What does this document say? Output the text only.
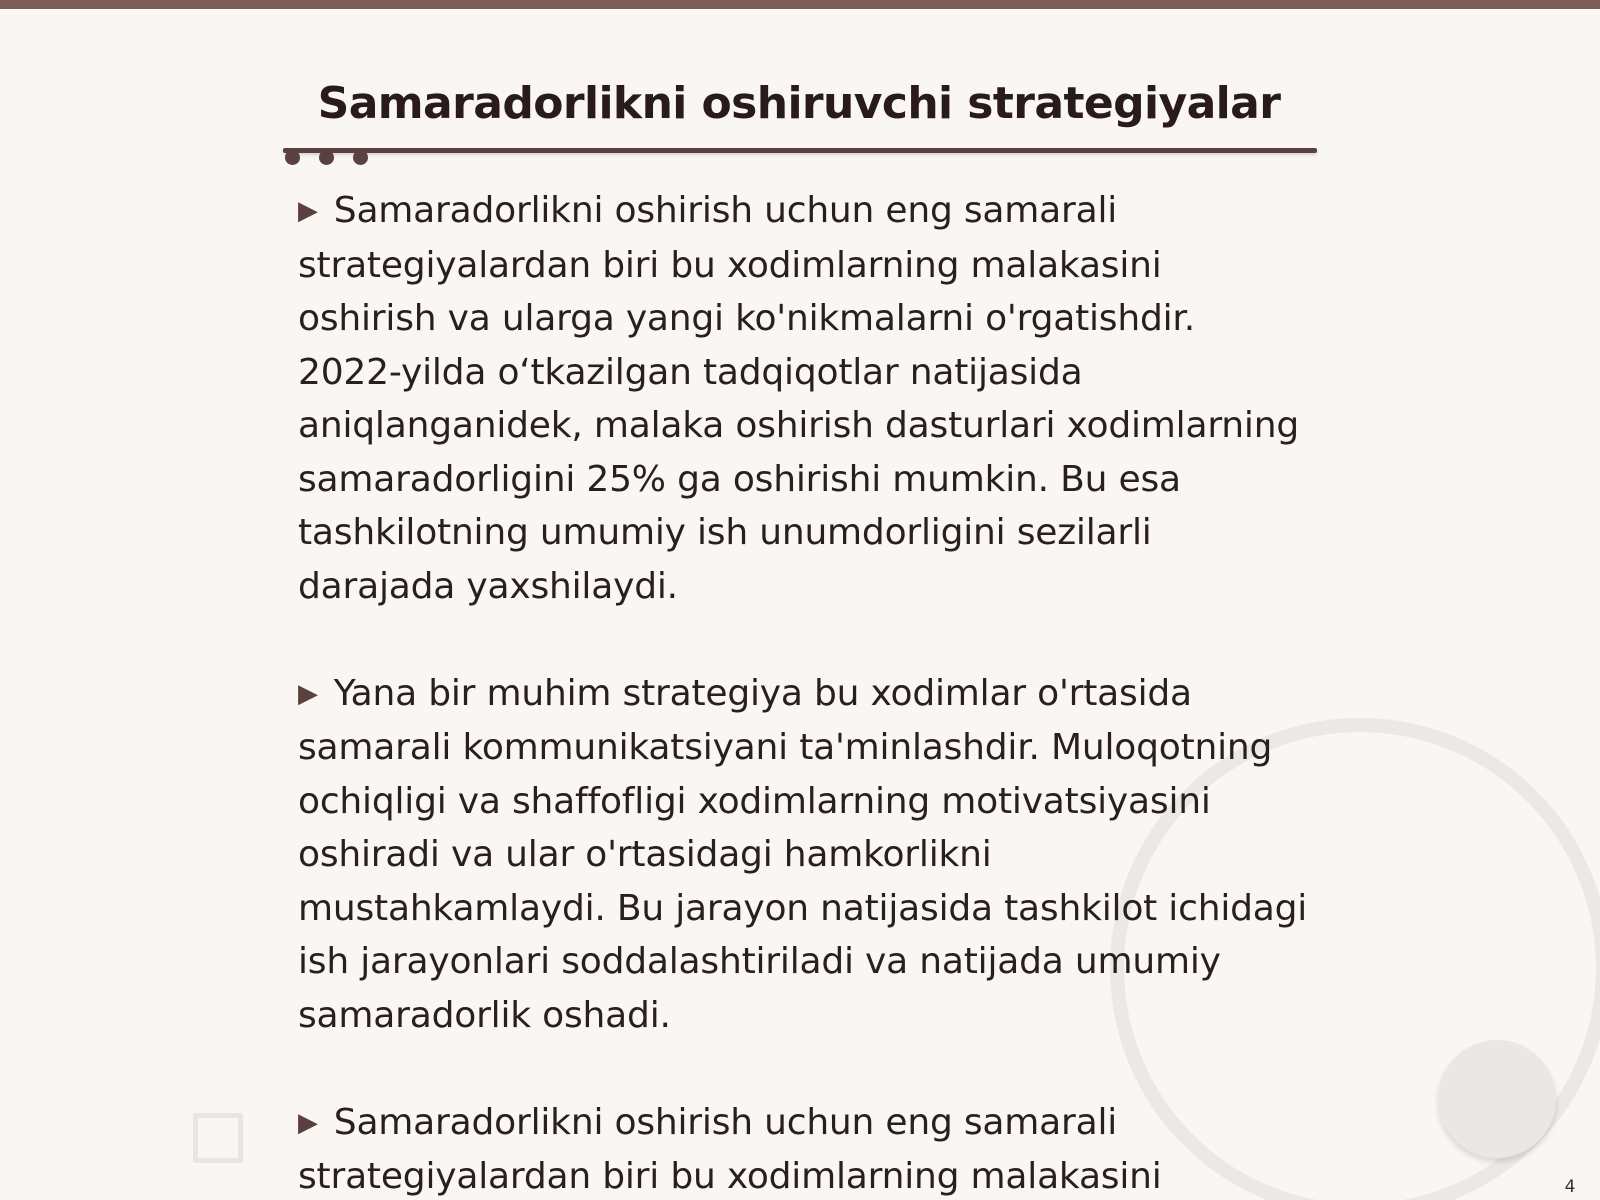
Samaradorlikni oshiruvchi strategiyalar

▶ Samaradorlikni oshirish uchun eng samarali strategiyalardan biri bu xodimlarning malakasini oshirish va ularga yangi ko'nikmalarni o'rgatishdir. 2022-yilda o‘tkazilgan tadqiqotlar natijasida aniqlanganidek, malaka oshirish dasturlari xodimlarning samaradorligini 25% ga oshirishi mumkin. Bu esa tashkilotning umumiy ish unumdorligini sezilarli darajada yaxshilaydi.

▶ Yana bir muhim strategiya bu xodimlar o'rtasida samarali kommunikatsiyani ta'minlashdir. Muloqotning ochiqligi va shaffofligi xodimlarning motivatsiyasini oshiradi va ular o'rtasidagi hamkorlikni mustahkamlaydi. Bu jarayon natijasida tashkilot ichidagi ish jarayonlari soddalashtiriladi va natijada umumiy samaradorlik oshadi.

▶ Samaradorlikni oshirish uchun eng samarali strategiyalardan biri bu xodimlarning malakasini	4
